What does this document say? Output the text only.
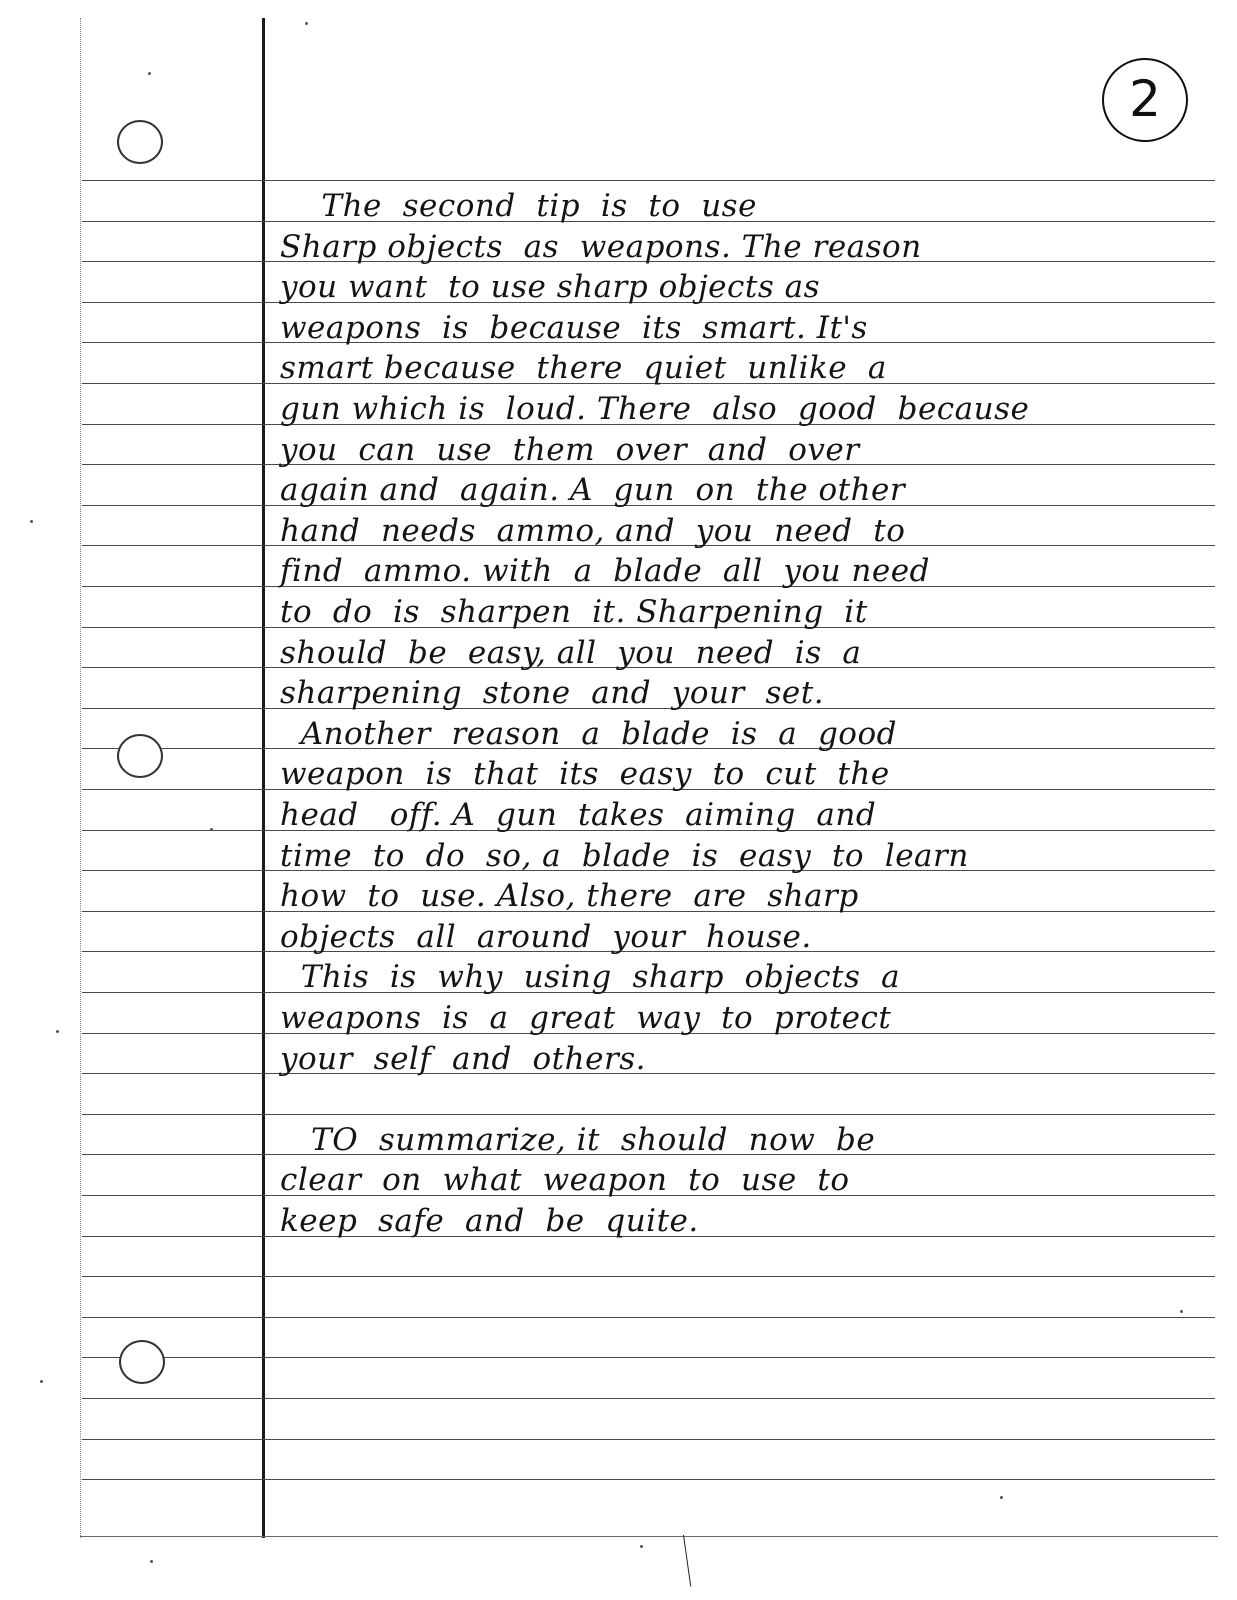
2
The  second  tip  is  to  use
Sharp objects  as  weapons. The reason
you want  to use sharp objects as
weapons  is  because  its  smart. It's
smart because  there  quiet  unlike  a
gun which is  loud. There  also  good  because
you  can  use  them  over  and  over
again and  again. A  gun  on  the other
hand  needs  ammo, and  you  need  to
find  ammo. with  a  blade  all  you need
to  do  is  sharpen  it. Sharpening  it
should  be  easy, all  you  need  is  a
sharpening  stone  and  your  set.
Another  reason  a  blade  is  a  good
weapon  is  that  its  easy  to  cut  the
head   off. A  gun  takes  aiming  and
time  to  do  so, a  blade  is  easy  to  learn
how  to  use. Also, there  are  sharp
objects  all  around  your  house.
This  is  why  using  sharp  objects  a
weapons  is  a  great  way  to  protect
your  self  and  others.
TO  summarize, it  should  now  be
clear  on  what  weapon  to  use  to
keep  safe  and  be  quite.
